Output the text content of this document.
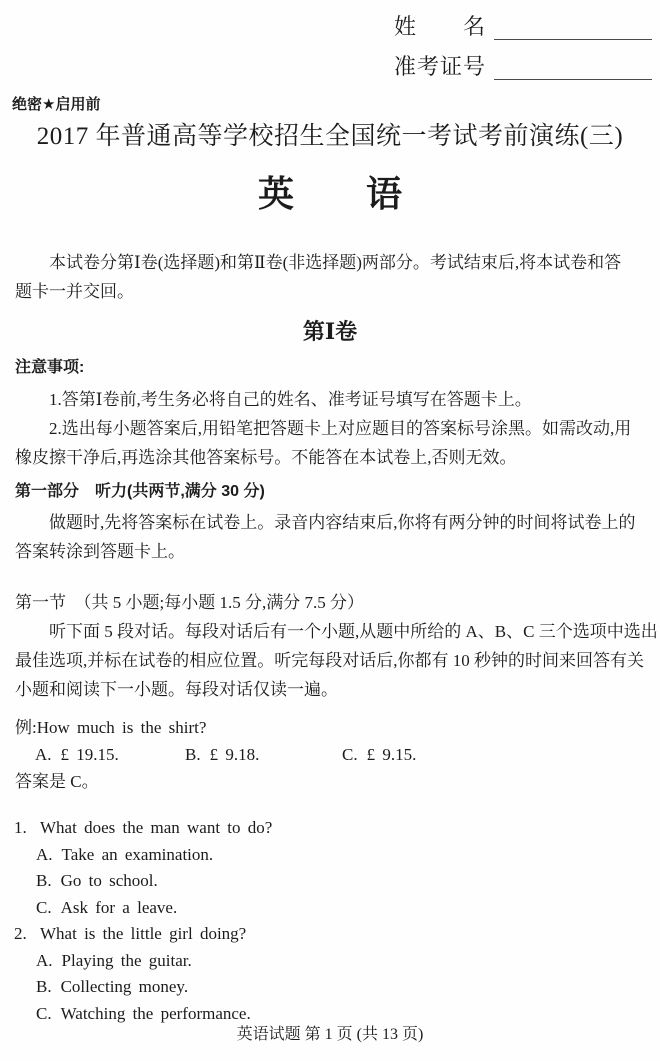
姓　　名
准考证号
绝密★启用前
2017 年普通高等学校招生全国统一考试考前演练(三)
英　　语
本试卷分第Ⅰ卷(选择题)和第Ⅱ卷(非选择题)两部分。考试结束后,将本试卷和答
题卡一并交回。
第Ⅰ卷
注意事项:
1.答第Ⅰ卷前,考生务必将自己的姓名、准考证号填写在答题卡上。
2.选出每小题答案后,用铅笔把答题卡上对应题目的答案标号涂黑。如需改动,用
橡皮擦干净后,再选涂其他答案标号。不能答在本试卷上,否则无效。
第一部分　听力(共两节,满分 30 分)
做题时,先将答案标在试卷上。录音内容结束后,你将有两分钟的时间将试卷上的
答案转涂到答题卡上。
第一节　（共 5 小题;每小题 1.5 分,满分 7.5 分）
听下面 5 段对话。每段对话后有一个小题,从题中所给的 A、B、C 三个选项中选出
最佳选项,并标在试卷的相应位置。听完每段对话后,你都有 10 秒钟的时间来回答有关
小题和阅读下一小题。每段对话仅读一遍。
例:How much is the shirt?
A. £ 19.15.	B. £ 9.18.	C. £ 9.15.
答案是 C。
1. What does the man want to do?
A. Take an examination.
B. Go to school.
C. Ask for a leave.
2. What is the little girl doing?
A. Playing the guitar.
B. Collecting money.
C. Watching the performance.
英语试题 第 1 页 (共 13 页)
